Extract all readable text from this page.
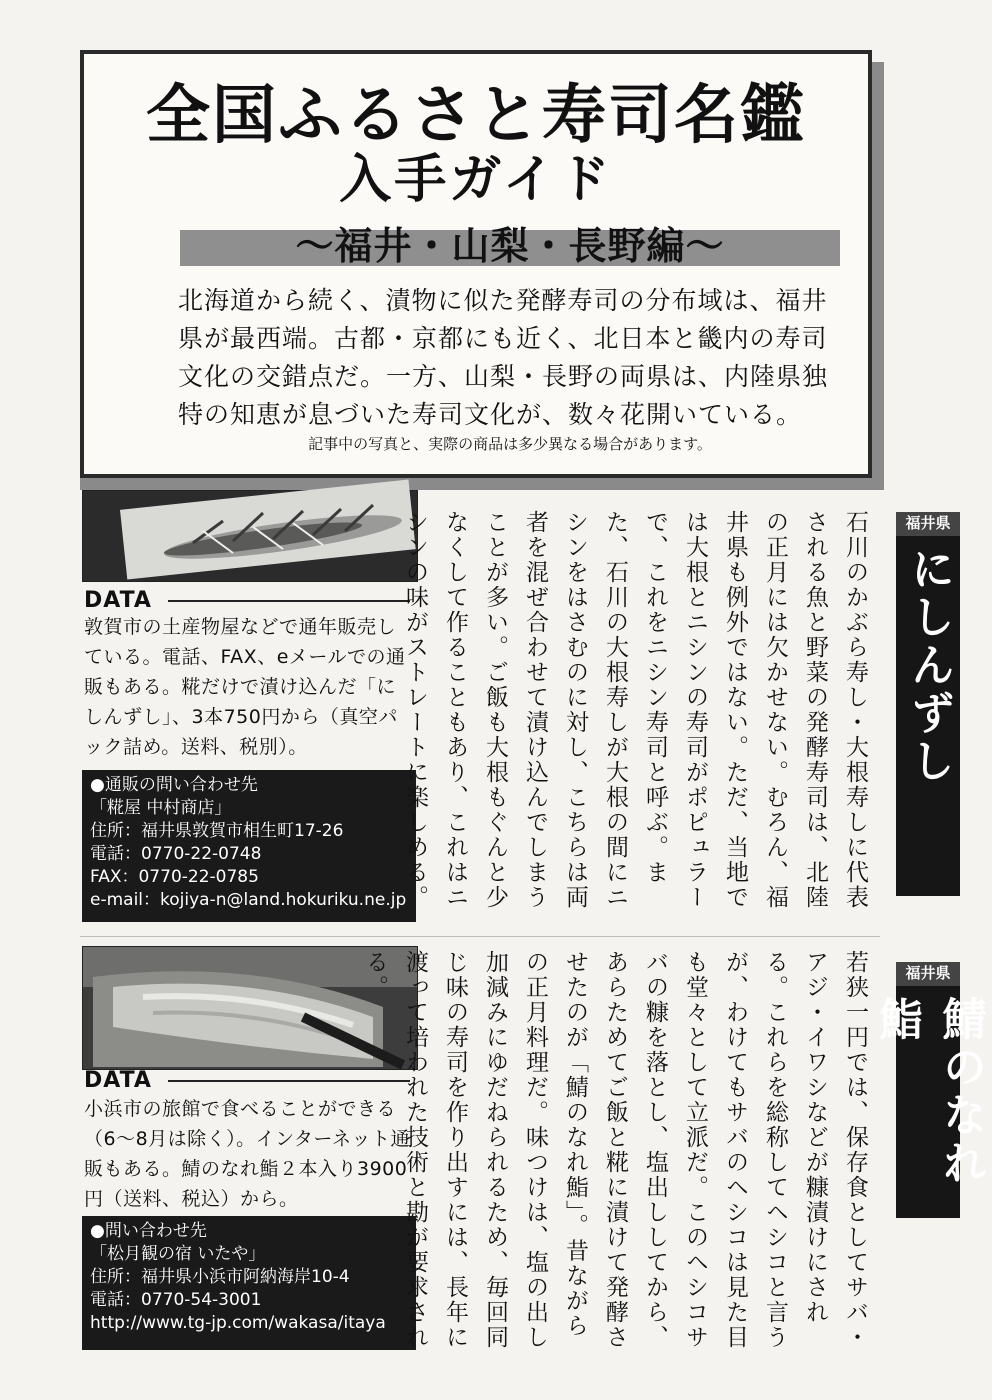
全国ふるさと寿司名鑑
入手ガイド
〜福井・山梨・長野編〜
北海道から続く、漬物に似た発酵寿司の分布域は、福井県が最西端。古都・京都にも近く、北日本と畿内の寿司文化の交錯点だ。一方、山梨・長野の両県は、内陸県独特の知恵が息づいた寿司文化が、数々花開いている。
記事中の写真と、実際の商品は多少異なる場合があります。
DATA
敦賀市の土産物屋などで通年販売している。電話、FAX、eメールでの通販もある。糀だけで漬け込んだ「にしんずし」、3本750円から（真空パック詰め。送料、税別）。
●通販の問い合わせ先
「糀屋 中村商店」
住所：福井県敦賀市相生町17-26
電話：0770-22-0748
FAX：0770-22-0785
e-mail：kojiya-n@land.hokuriku.ne.jp	石川のかぶら寿し・大根寿しに代表される魚と野菜の発酵寿司は、北陸の正月には欠かせない。むろん、福井県も例外ではない。ただ、当地では大根とニシンの寿司がポピュラーで、これをニシン寿司と呼ぶ。また、石川の大根寿しが大根の間にニシンをはさむのに対し、こちらは両者を混ぜ合わせて漬け込んでしまうことが多い。ご飯も大根もぐんと少なくして作ることもあり、これはニシンの味がストレートに楽しめる。	福井県
にしんずし
DATA
小浜市の旅館で食べることができる（6〜8月は除く）。インターネット通販もある。鯖のなれ鮨２本入り3900円（送料、税込）から。
●問い合わせ先
「松月観の宿 いたや」
住所：福井県小浜市阿納海岸10-4
電話：0770-54-3001
http://www.tg-jp.com/wakasa/itaya	若狭一円では、保存食としてサバ・アジ・イワシなどが糠漬けにされる。これらを総称してヘシコと言うが、わけてもサバのヘシコは見た目も堂々として立派だ。このヘシコサバの糠を落とし、塩出ししてから、あらためてご飯と糀に漬けて発酵させたのが「鯖のなれ鮨」。昔ながらの正月料理だ。味つけは、塩の出し加減みにゆだねられるため、毎回同じ味の寿司を作り出すには、長年に渡って培われた技術と勘が要求される。	福井県
鯖のなれ鮨
